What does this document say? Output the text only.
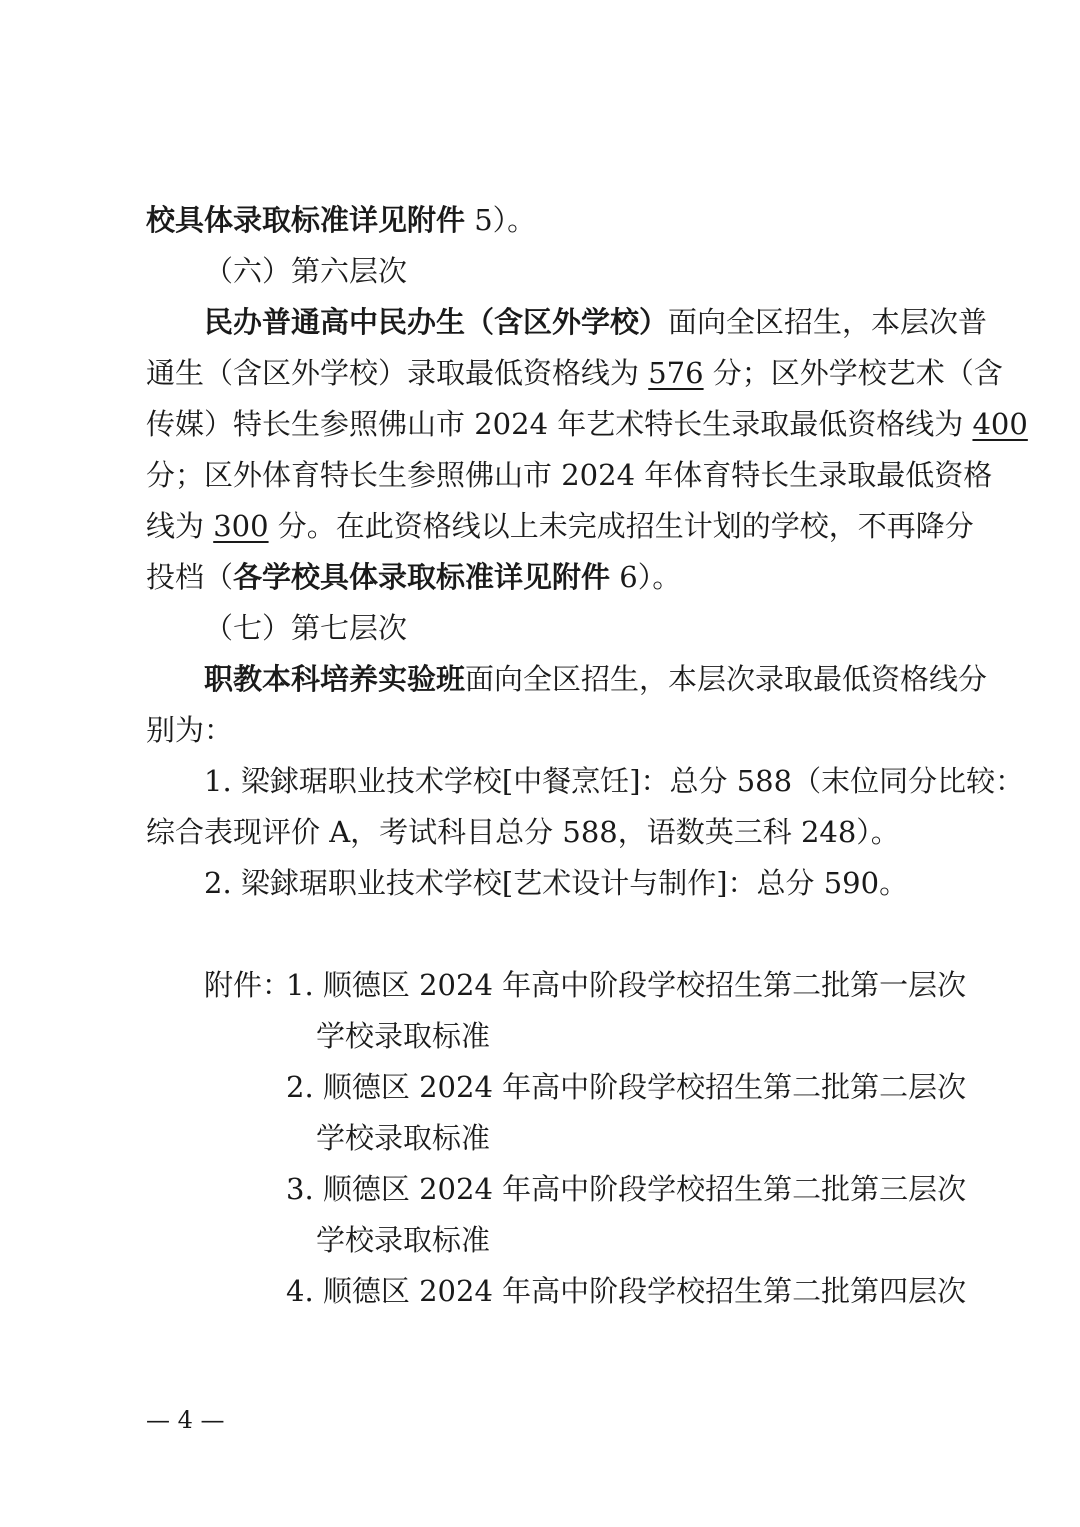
校具体录取标准详见附件 5）。
（六）第六层次
民办普通高中民办生（含区外学校）面向全区招生，本层次普
通生（含区外学校）录取最低资格线为 576 分；区外学校艺术（含
传媒）特长生参照佛山市 2024 年艺术特长生录取最低资格线为 400
分；区外体育特长生参照佛山市 2024 年体育特长生录取最低资格
线为 300 分。在此资格线以上未完成招生计划的学校，不再降分
投档（各学校具体录取标准详见附件 6）。
（七）第七层次
职教本科培养实验班面向全区招生，本层次录取最低资格线分
别为：
1. 梁銶琚职业技术学校[中餐烹饪]：总分 588（末位同分比较：
综合表现评价 A，考试科目总分 588，语数英三科 248）。
2. 梁銶琚职业技术学校[艺术设计与制作]：总分 590。
附件：
1. 顺德区 2024 年高中阶段学校招生第二批第一层次
学校录取标准
2. 顺德区 2024 年高中阶段学校招生第二批第二层次
学校录取标准
3. 顺德区 2024 年高中阶段学校招生第二批第三层次
学校录取标准
4. 顺德区 2024 年高中阶段学校招生第二批第四层次
— 4 —
